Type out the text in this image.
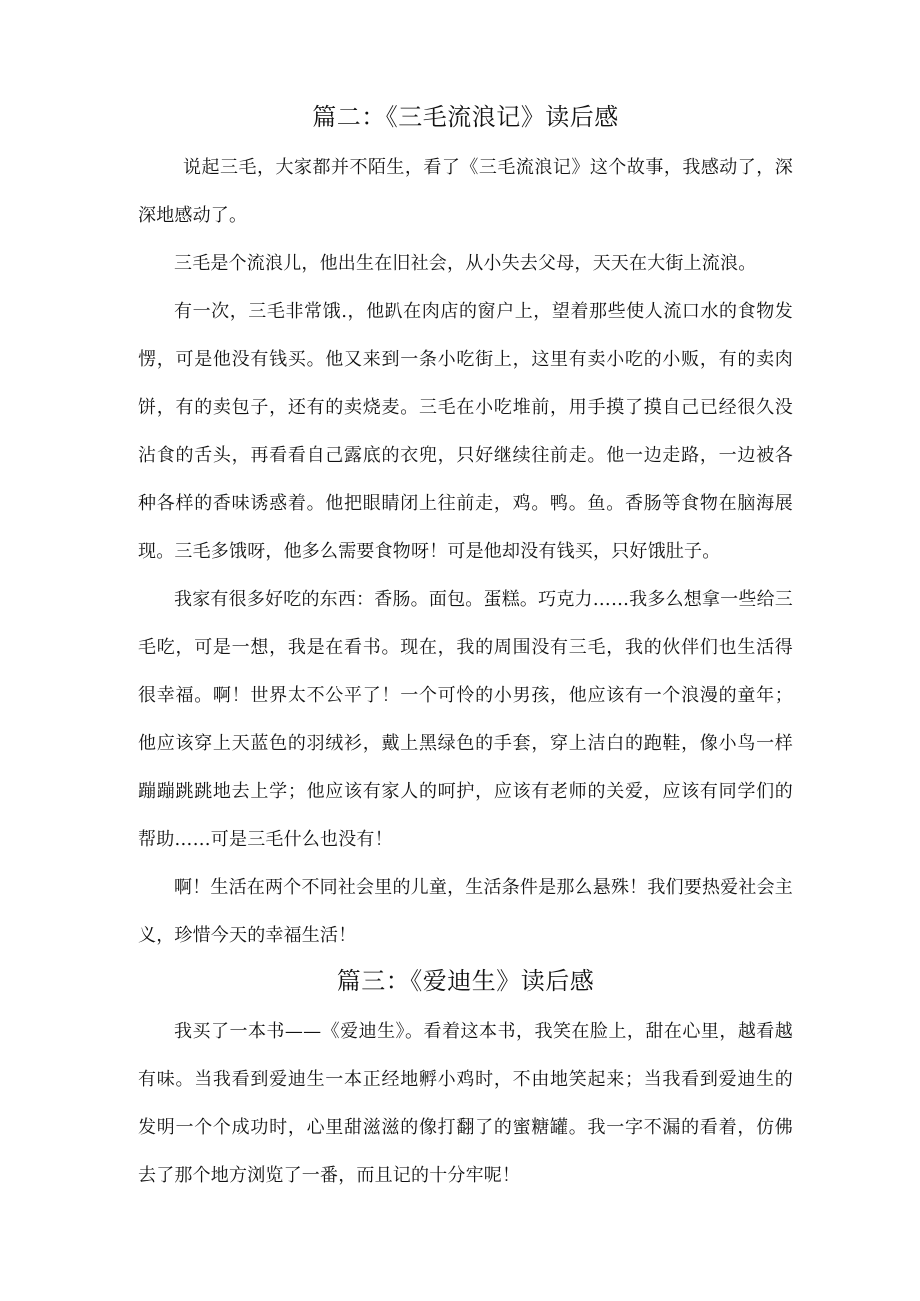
篇二：《三毛流浪记》读后感

说起三毛，大家都并不陌生，看了《三毛流浪记》这个故事，我感动了，深深地感动了。

三毛是个流浪儿，他出生在旧社会，从小失去父母，天天在大街上流浪。

有一次，三毛非常饿.，他趴在肉店的窗户上，望着那些使人流口水的食物发愣，可是他没有钱买。他又来到一条小吃街上，这里有卖小吃的小贩，有的卖肉饼，有的卖包子，还有的卖烧麦。三毛在小吃堆前，用手摸了摸自己已经很久没沾食的舌头，再看看自己露底的衣兜，只好继续往前走。他一边走路，一边被各种各样的香味诱惑着。他把眼睛闭上往前走，鸡。鸭。鱼。香肠等食物在脑海展现。三毛多饿呀，他多么需要食物呀！可是他却没有钱买，只好饿肚子。

我家有很多好吃的东西：香肠。面包。蛋糕。巧克力……我多么想拿一些给三毛吃，可是一想，我是在看书。现在，我的周围没有三毛，我的伙伴们也生活得很幸福。啊！世界太不公平了！一个可怜的小男孩，他应该有一个浪漫的童年；他应该穿上天蓝色的羽绒衫，戴上黑绿色的手套，穿上洁白的跑鞋，像小鸟一样蹦蹦跳跳地去上学；他应该有家人的呵护，应该有老师的关爱，应该有同学们的帮助……可是三毛什么也没有！

啊！生活在两个不同社会里的儿童，生活条件是那么悬殊！我们要热爱社会主义，珍惜今天的幸福生活！

篇三：《爱迪生》读后感

我买了一本书——《爱迪生》。看着这本书，我笑在脸上，甜在心里，越看越有味。当我看到爱迪生一本正经地孵小鸡时，不由地笑起来；当我看到爱迪生的发明一个个成功时，心里甜滋滋的像打翻了的蜜糖罐。我一字不漏的看着，仿佛去了那个地方浏览了一番，而且记的十分牢呢！
